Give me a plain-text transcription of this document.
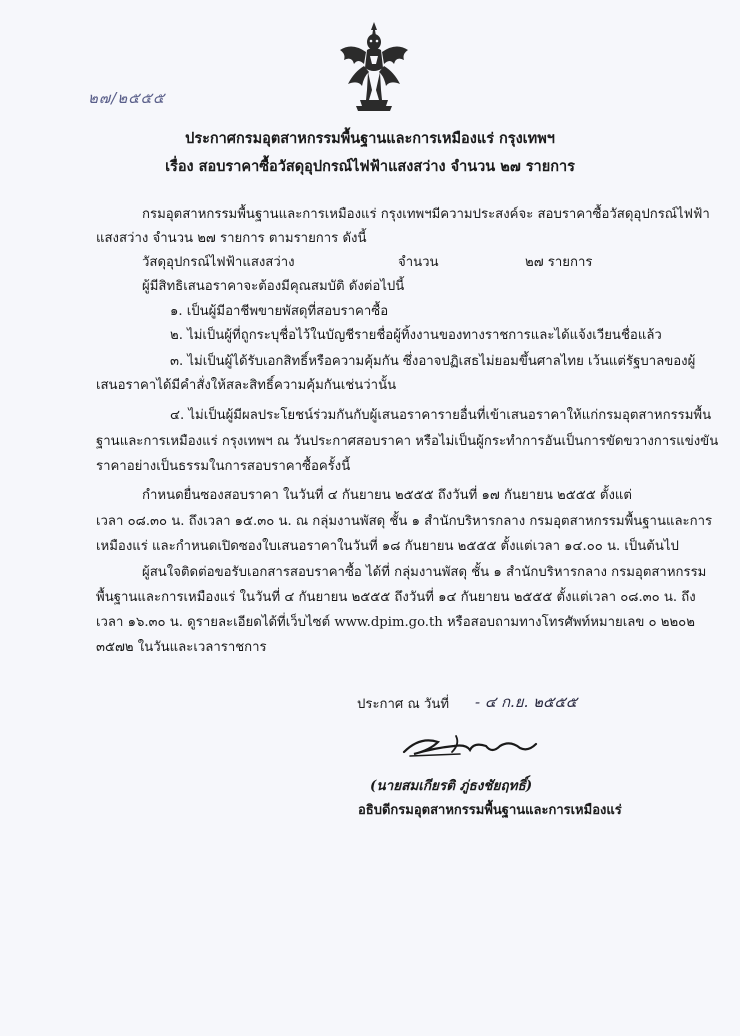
๒๗/๒๕๕๕
ประกาศกรมอุตสาหกรรมพื้นฐานและการเหมืองแร่ กรุงเทพฯ
เรื่อง สอบราคาซื้อวัสดุอุปกรณ์ไฟฟ้าแสงสว่าง จำนวน ๒๗ รายการ
กรมอุตสาหกรรมพื้นฐานและการเหมืองแร่ กรุงเทพฯมีความประสงค์จะ สอบราคาซื้อวัสดุอุปกรณ์ไฟฟ้า
แสงสว่าง จำนวน ๒๗ รายการ ตามรายการ ดังนี้
วัสดุอุปกรณ์ไฟฟ้าแสงสว่าง	จำนวน	๒๗ รายการ
ผู้มีสิทธิเสนอราคาจะต้องมีคุณสมบัติ ดังต่อไปนี้
๑. เป็นผู้มีอาชีพขายพัสดุที่สอบราคาซื้อ
๒. ไม่เป็นผู้ที่ถูกระบุชื่อไว้ในบัญชีรายชื่อผู้ทิ้งงานของทางราชการและได้แจ้งเวียนชื่อแล้ว
๓. ไม่เป็นผู้ได้รับเอกสิทธิ์หรือความคุ้มกัน ซึ่งอาจปฏิเสธไม่ยอมขึ้นศาลไทย เว้นแต่รัฐบาลของผู้
เสนอราคาได้มีคำสั่งให้สละสิทธิ์ความคุ้มกันเช่นว่านั้น
๔. ไม่เป็นผู้มีผลประโยชน์ร่วมกันกับผู้เสนอราคารายอื่นที่เข้าเสนอราคาให้แก่กรมอุตสาหกรรมพื้น
ฐานและการเหมืองแร่ กรุงเทพฯ ณ วันประกาศสอบราคา หรือไม่เป็นผู้กระทำการอันเป็นการขัดขวางการแข่งขัน
ราคาอย่างเป็นธรรมในการสอบราคาซื้อครั้งนี้
กำหนดยื่นซองสอบราคา ในวันที่ ๔ กันยายน ๒๕๕๕ ถึงวันที่ ๑๗ กันยายน ๒๕๕๕ ตั้งแต่
เวลา ๐๘.๓๐ น. ถึงเวลา ๑๕.๓๐ น. ณ กลุ่มงานพัสดุ ชั้น ๑ สำนักบริหารกลาง กรมอุตสาหกรรมพื้นฐานและการ
เหมืองแร่ และกำหนดเปิดซองใบเสนอราคาในวันที่ ๑๘ กันยายน ๒๕๕๕ ตั้งแต่เวลา ๑๔.๐๐ น. เป็นต้นไป
ผู้สนใจติดต่อขอรับเอกสารสอบราคาซื้อ ได้ที่ กลุ่มงานพัสดุ ชั้น ๑ สำนักบริหารกลาง กรมอุตสาหกรรม
พื้นฐานและการเหมืองแร่ ในวันที่ ๔ กันยายน ๒๕๕๕ ถึงวันที่ ๑๔ กันยายน ๒๕๕๕ ตั้งแต่เวลา ๐๘.๓๐ น. ถึง
เวลา ๑๖.๓๐ น. ดูรายละเอียดได้ที่เว็บไซต์ www.dpim.go.th หรือสอบถามทางโทรศัพท์หมายเลข ๐ ๒๒๐๒
๓๕๗๒ ในวันและเวลาราชการ
ประกาศ ณ วันที่ - ๔ ก.ย. ๒๕๕๕
(นายสมเกียรติ ภู่ธงชัยฤทธิ์)
อธิบดีกรมอุตสาหกรรมพื้นฐานและการเหมืองแร่
